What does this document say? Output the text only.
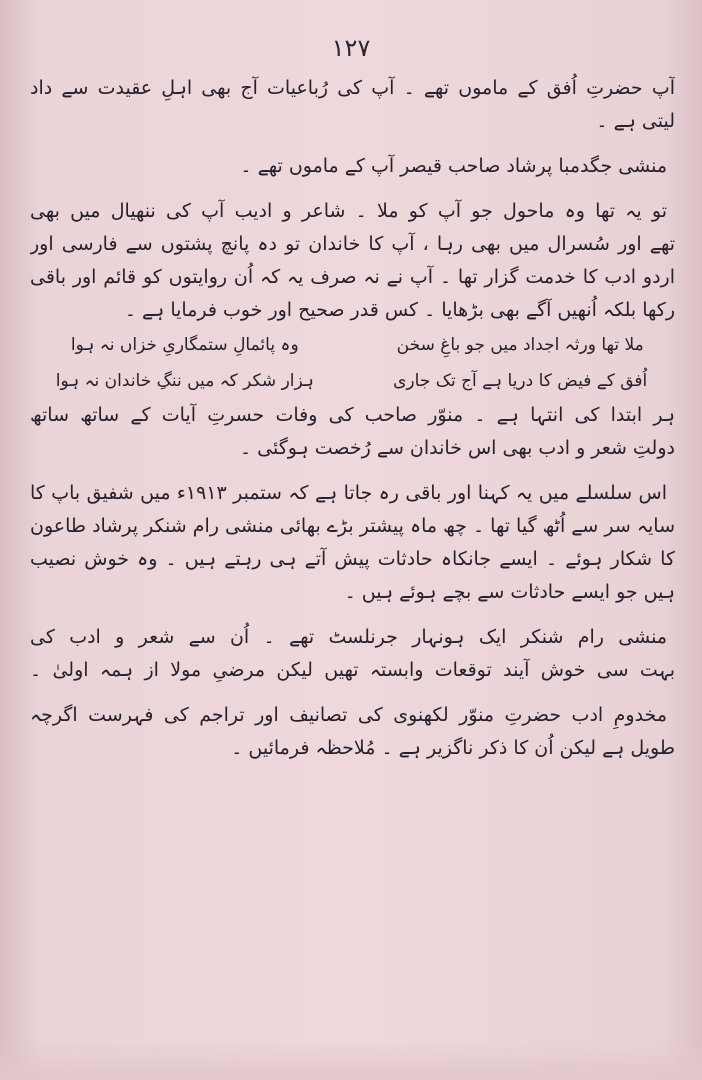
۱۲۷
آپ حضرتِ اُفق کے ماموں تھے ۔ آپ کی رُباعیات آج بھی اہلِ عقیدت سے داد
لیتی ہے ۔
منشی جگدمبا پرشاد صاحب قیصر آپ کے ماموں تھے ۔
تو یہ تھا وہ ماحول جو آپ کو ملا ۔ شاعر و ادیب آپ کی ننھیال میں بھی
تھے اور سُسرال میں بھی رہا ، آپ کا خاندان تو دہ پانچ پشتوں سے فارسی اور
اردو ادب کا خدمت گزار تھا ۔ آپ نے نہ صرف یہ کہ اُن روایتوں کو قائم اور باقی
رکھا بلکہ اُنھیں آگے بھی بڑھایا ۔ کس قدر صحیح اور خوب فرمایا ہے ۔
ملا تھا ورثہ اجداد میں جو باغِ سخن
وہ پائمالِ ستمگاریِ خزاں نہ ہوا
اُفق کے فیض کا دریا ہے آج تک جاری
ہزار شکر کہ میں ننگِ خاندان نہ ہوا
ہر ابتدا کی انتہا ہے ۔ منوّر صاحب کی وفات حسرتِ آیات کے ساتھ ساتھ
دولتِ شعر و ادب بھی اس خاندان سے رُخصت ہوگئی ۔
اس سلسلے میں یہ کہنا اور باقی رہ جاتا ہے کہ ستمبر ۱۹۱۳ء میں شفیق باپ کا
سایہ سر سے اُٹھ گیا تھا ۔ چھ ماہ پیشتر بڑے بھائی منشی رام شنکر پرشاد طاعون
کا شکار ہوئے ۔ ایسے جانکاہ حادثات پیش آتے ہی رہتے ہیں ۔ وہ خوش نصیب
ہیں جو ایسے حادثات سے بچے ہوئے ہیں ۔
منشی رام شنکر ایک ہونہار جرنلسٹ تھے ۔ اُن سے شعر و ادب کی
بہت سی خوش آیند توقعات وابستہ تھیں لیکن مرضیِ مولا از ہمہ اولیٰ ۔
مخدومِ ادب حضرتِ منوّر لکھنوی کی تصانیف اور تراجم کی فہرست اگرچہ
طویل ہے لیکن اُن کا ذکر ناگزیر ہے ۔ مُلاحظہ فرمائیں ۔
